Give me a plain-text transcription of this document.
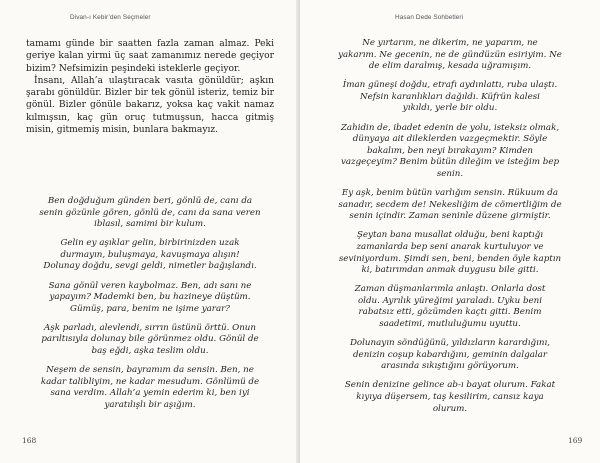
Divan-ı Kebir’den Seçmeler

tamamı günde bir saatten fazla zaman almaz. Peki geriye kalan yirmi üç saat zamanımız nerede geçiyor bizim? Nefsimizin peşindeki isteklerle geçiyor.

İnsanı, Allah’a ulaştıracak vasıta gönüldür; aşkın şarabı gönüldür. Bizler bir tek gönül isteriz, temiz bir gönül. Bizler gönüle bakarız, yoksa kaç vakit namaz kılmışsın, kaç gün oruç tutmuşsun, hacca gitmiş misin, gitmemiş misin, bunlara bakmayız.

Ben doğduğum günden beri, gönlü de, canı da
senin gözünle gören, gönlü de, canı da sana veren
iblasıl, samimi bir kulum.
Gelin ey aşıklar gelin, birbirinizden uzak
durmayın, buluşmaya, kavuşmaya alışın!
Dolunay doğdu, sevgi geldi, nimetler bağışlandı.
Sana gönül veren kaybolmaz. Ben, adı sanı ne
yapayım? Mademki ben, bu hazineye düştüm.
Gümüş, para, benim ne işime yarar?
Aşk parladı, alevlendi, sırrın üstünü örttü. Onun
parıltısıyla dolunay bile görünmez oldu. Gönül de
baş eğdi, aşka teslim oldu.
Neşem de sensin, bayramım da sensin. Ben, ne
kadar talibliyim, ne kadar mesudum. Gönlümü de
sana verdim. Allah’a yemin ederim ki, ben iyi
yaratılışlı bir aşığım.
168
Hasan Dede Sohbetleri
Ne yırtarım, ne dikerim, ne yaparım, ne
yakarım. Ne gecenin, ne de gündüzün esiriyim. Ne
de elim daralmış, kesada uğramışım.
İman güneşi doğdu, etrafı aydınlattı, ruba ulaştı.
Nefsin karanlıkları dağıldı. Küfrün kalesi
yıkıldı, yerle bir oldu.
Zahidin de, ibadet edenin de yolu, isteksiz olmak,
dünyaya ait dileklerden vazgeçmektir. Söyle
bakalım, ben neyi bırakayım? Kimden
vazgeçeyim? Benim bütün dileğim ve isteğim bep
senin.
Ey aşk, benim bütün varlığım sensin. Rükuum da
sanadır, secdem de! Nekesliğim de cömertliğim de
senin içindir. Zaman seninle düzene girmiştir.
Şeytan bana musallat olduğu, beni kaptığı
zamanlarda bep seni anarak kurtuluyor ve
seviniyordum. Şimdi sen, beni, benden öyle kaptın
ki, batırımdan anmak duygusu bile gitti.
Zaman düşmanlarımla anlaştı. Onlarla dost
oldu. Ayrılık yüreğimi yaraladı. Uyku beni
rabatsız etti, gözümden kaçtı gitti. Benim
saadetimi, mutluluğumu uyuttu.
Dolunayın söndüğünü, yıldızların karardığını,
denizin coşup kabardığını, geminin dalgalar
arasında sıkıştığını görüyorum.
Senin denizine gelince ab-ı bayat olurum. Fakat
kıyıya düşersem, taş kesilirim, cansız kaya
olurum.
169
